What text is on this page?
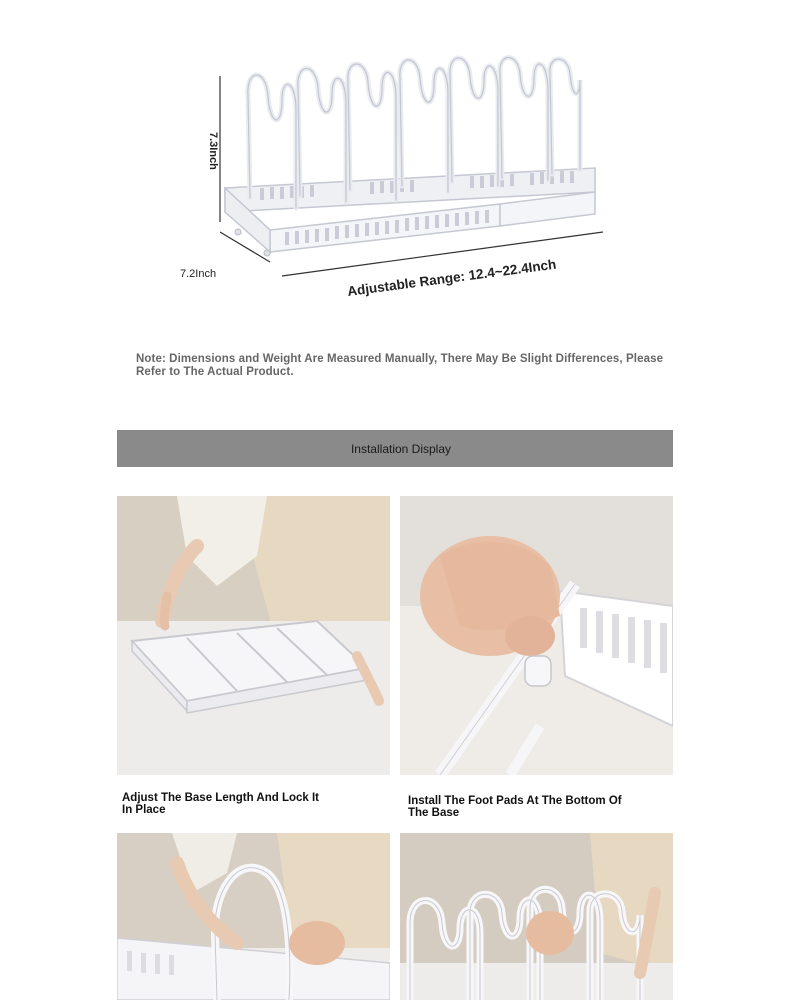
7.3Inch
7.2Inch	Adjustable Range: 12.4~22.4Inch
Note: Dimensions and Weight Are Measured Manually, There May Be Slight Differences, Please Refer to The Actual Product.
Installation Display
Adjust The Base Length And Lock It In Place
Install The Foot Pads At The Bottom Of The Base
